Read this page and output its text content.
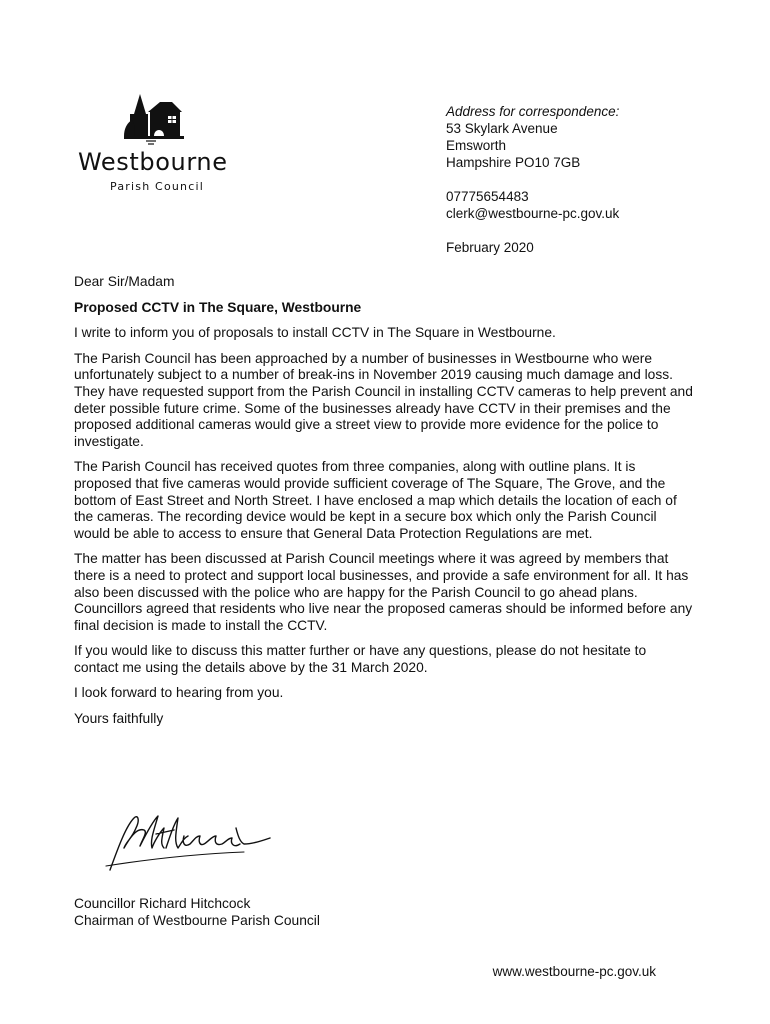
Westbourne
Parish Council
Address for correspondence:
53 Skylark Avenue
Emsworth
Hampshire PO10 7GB
07775654483
clerk@westbourne-pc.gov.uk
February 2020

Dear Sir/Madam

Proposed CCTV in The Square, Westbourne

I write to inform you of proposals to install CCTV in The Square in Westbourne.

The Parish Council has been approached by a number of businesses in Westbourne who were unfortunately subject to a number of break-ins in November 2019 causing much damage and loss. They have requested support from the Parish Council in installing CCTV cameras to help prevent and deter possible future crime. Some of the businesses already have CCTV in their premises and the proposed additional cameras would give a street view to provide more evidence for the police to investigate.

The Parish Council has received quotes from three companies, along with outline plans. It is proposed that five cameras would provide sufficient coverage of The Square, The Grove, and the bottom of East Street and North Street. I have enclosed a map which details the location of each of the cameras. The recording device would be kept in a secure box which only the Parish Council would be able to access to ensure that General Data Protection Regulations are met.

The matter has been discussed at Parish Council meetings where it was agreed by members that there is a need to protect and support local businesses, and provide a safe environment for all. It has also been discussed with the police who are happy for the Parish Council to go ahead plans. Councillors agreed that residents who live near the proposed cameras should be informed before any final decision is made to install the CCTV.

If you would like to discuss this matter further or have any questions, please do not hesitate to contact me using the details above by the 31 March 2020.

I look forward to hearing from you.

Yours faithfully

Councillor Richard Hitchcock
Chairman of Westbourne Parish Council
www.westbourne-pc.gov.uk
